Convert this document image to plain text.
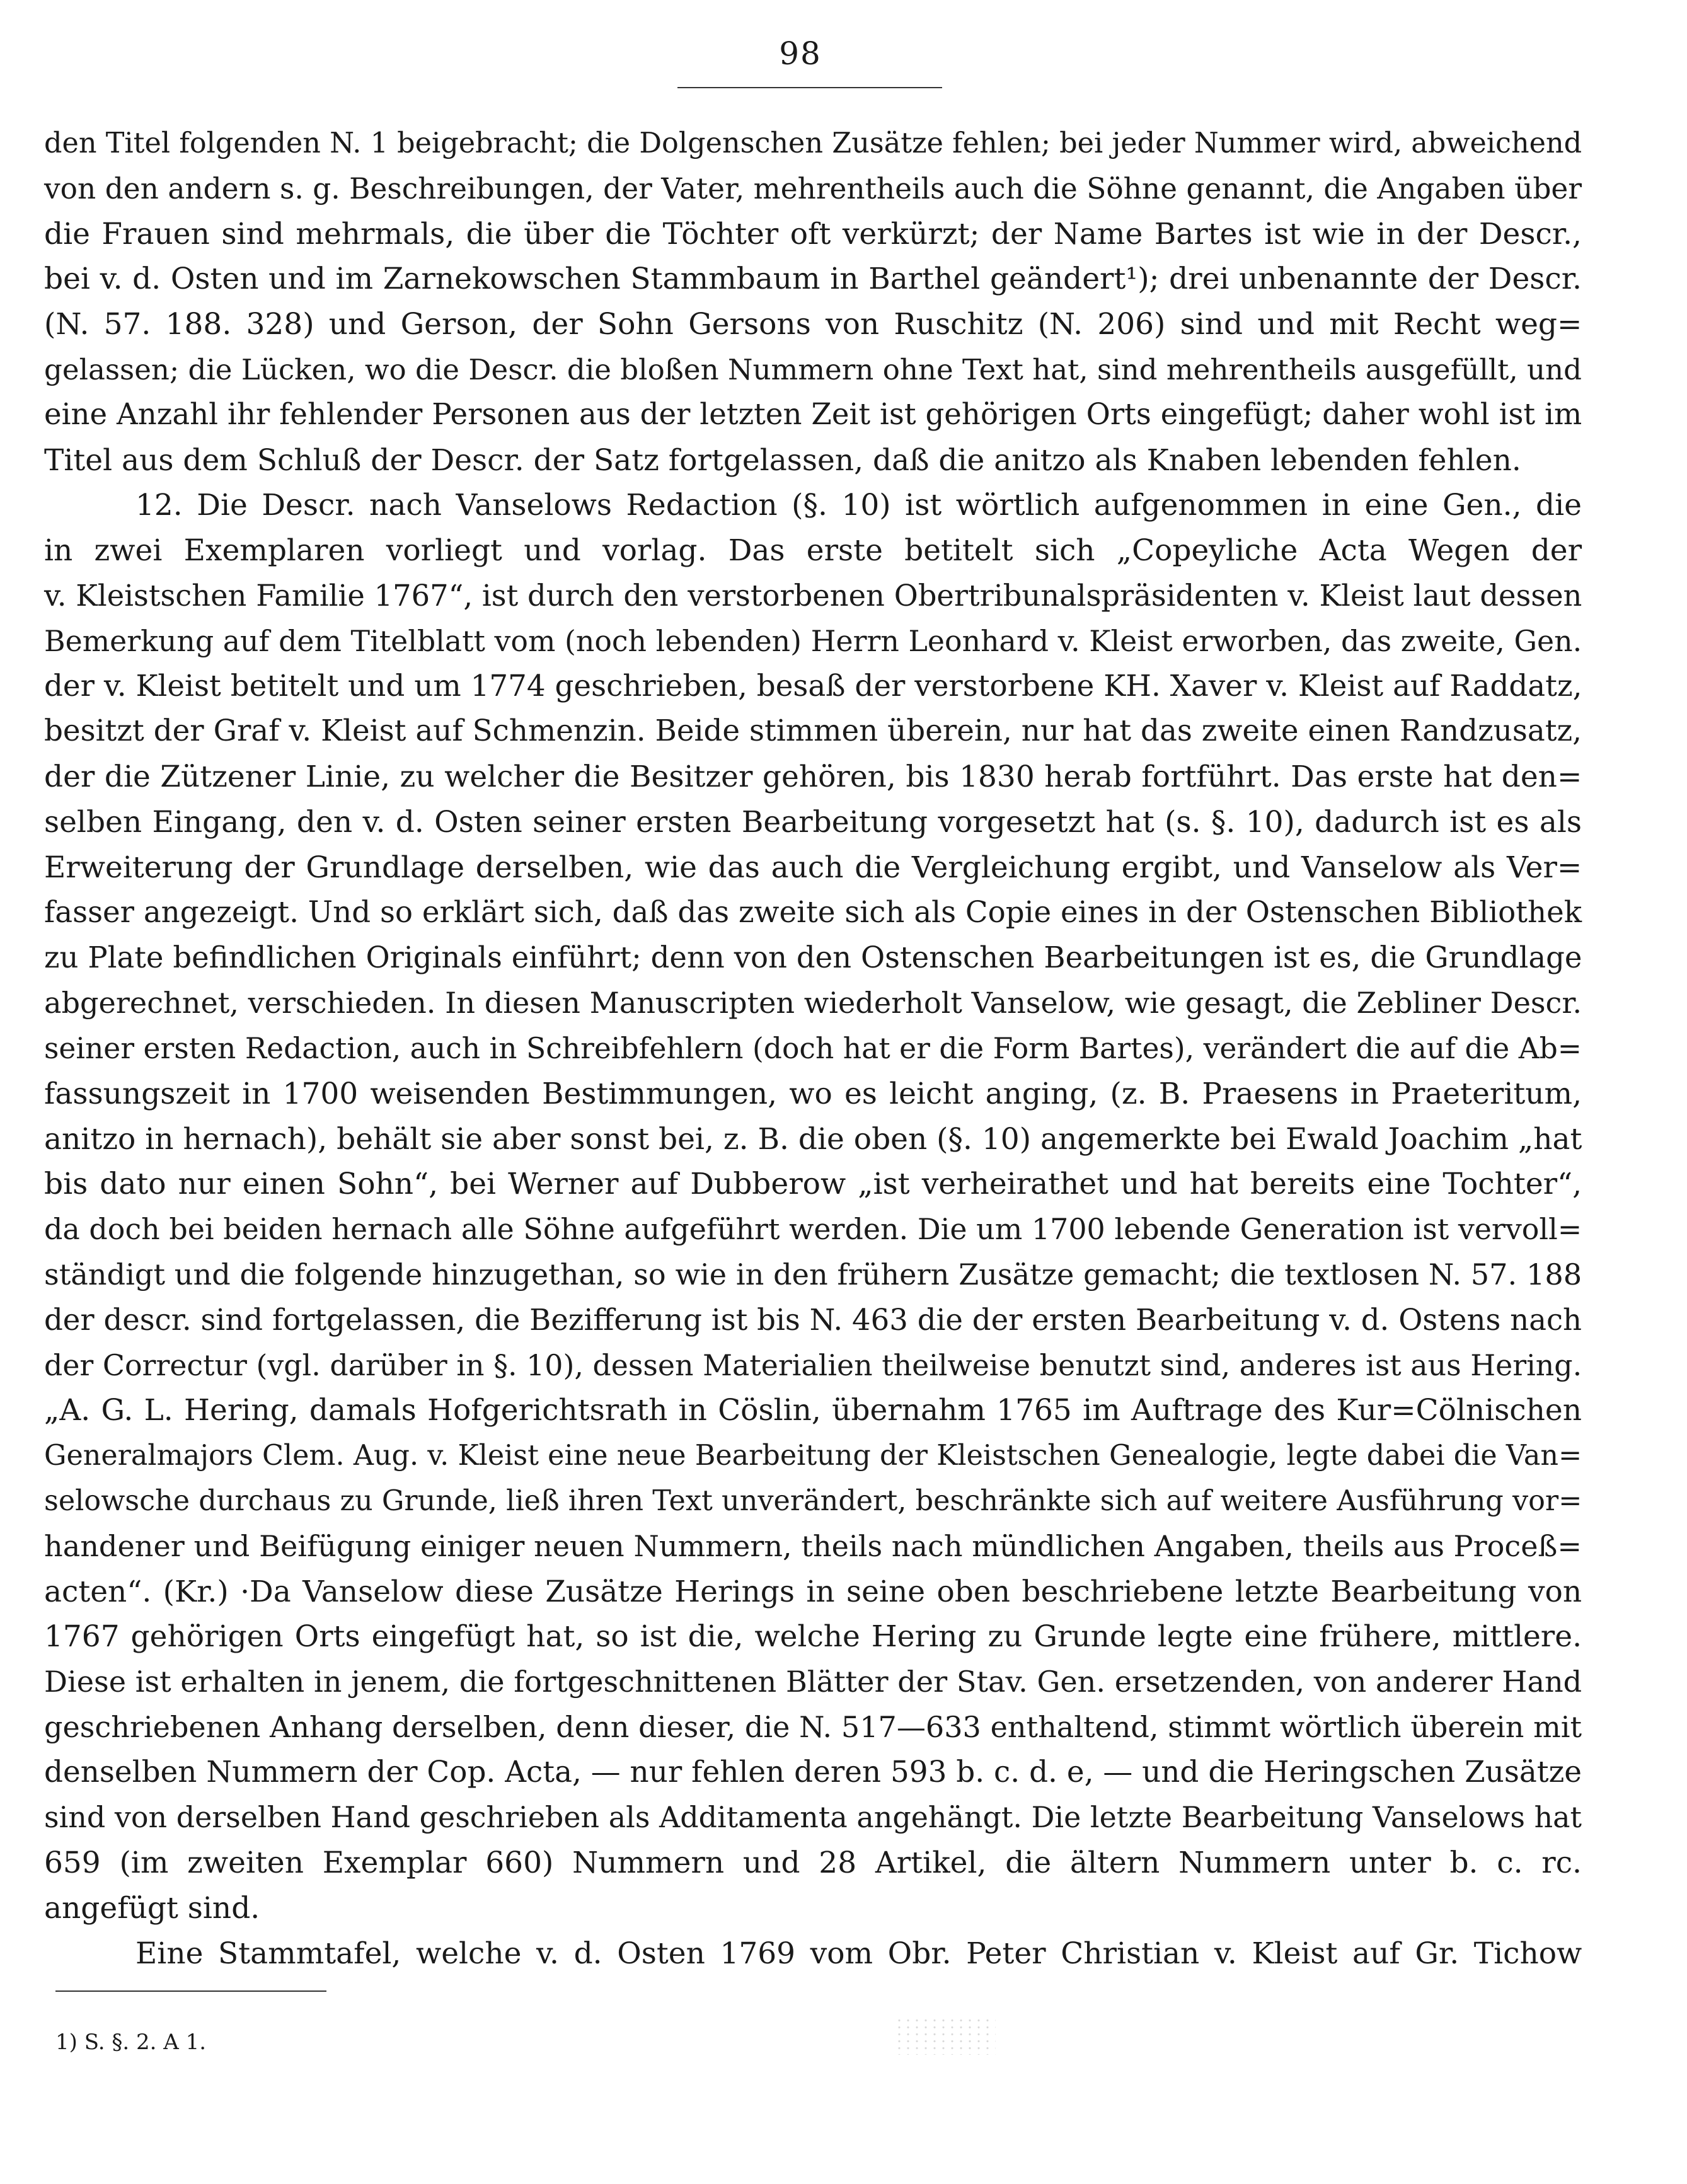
98
den Titel folgenden N. 1 beigebracht; die Dolgenschen Zusätze fehlen; bei jeder Nummer wird, abweichend
von den andern s. g. Beschreibungen, der Vater, mehrentheils auch die Söhne genannt, die Angaben über
die Frauen sind mehrmals, die über die Töchter oft verkürzt; der Name Bartes ist wie in der Descr.,
bei v. d. Osten und im Zarnekowschen Stammbaum in Barthel geändert¹); drei unbenannte der Descr.
(N. 57. 188. 328) und Gerson, der Sohn Gersons von Ruschitz (N. 206) sind und mit Recht weg=
gelassen; die Lücken, wo die Descr. die bloßen Nummern ohne Text hat, sind mehrentheils ausgefüllt, und
eine Anzahl ihr fehlender Personen aus der letzten Zeit ist gehörigen Orts eingefügt; daher wohl ist im
Titel aus dem Schluß der Descr. der Satz fortgelassen, daß die anitzo als Knaben lebenden fehlen.
12. Die Descr. nach Vanselows Redaction (§. 10) ist wörtlich aufgenommen in eine Gen., die
in zwei Exemplaren vorliegt und vorlag. Das erste betitelt sich „Copeyliche Acta Wegen der
v. Kleistschen Familie 1767“, ist durch den verstorbenen Obertribunalspräsidenten v. Kleist laut dessen
Bemerkung auf dem Titelblatt vom (noch lebenden) Herrn Leonhard v. Kleist erworben, das zweite, Gen.
der v. Kleist betitelt und um 1774 geschrieben, besaß der verstorbene KH. Xaver v. Kleist auf Raddatz,
besitzt der Graf v. Kleist auf Schmenzin. Beide stimmen überein, nur hat das zweite einen Randzusatz,
der die Zützener Linie, zu welcher die Besitzer gehören, bis 1830 herab fortführt. Das erste hat den=
selben Eingang, den v. d. Osten seiner ersten Bearbeitung vorgesetzt hat (s. §. 10), dadurch ist es als
Erweiterung der Grundlage derselben, wie das auch die Vergleichung ergibt, und Vanselow als Ver=
fasser angezeigt. Und so erklärt sich, daß das zweite sich als Copie eines in der Ostenschen Bibliothek
zu Plate befindlichen Originals einführt; denn von den Ostenschen Bearbeitungen ist es, die Grundlage
abgerechnet, verschieden. In diesen Manuscripten wiederholt Vanselow, wie gesagt, die Zebliner Descr.
seiner ersten Redaction, auch in Schreibfehlern (doch hat er die Form Bartes), verändert die auf die Ab=
fassungszeit in 1700 weisenden Bestimmungen, wo es leicht anging, (z. B. Praesens in Praeteritum,
anitzo in hernach), behält sie aber sonst bei, z. B. die oben (§. 10) angemerkte bei Ewald Joachim „hat
bis dato nur einen Sohn“, bei Werner auf Dubberow „ist verheirathet und hat bereits eine Tochter“,
da doch bei beiden hernach alle Söhne aufgeführt werden. Die um 1700 lebende Generation ist vervoll=
ständigt und die folgende hinzugethan, so wie in den frühern Zusätze gemacht; die textlosen N. 57. 188
der descr. sind fortgelassen, die Bezifferung ist bis N. 463 die der ersten Bearbeitung v. d. Ostens nach
der Correctur (vgl. darüber in §. 10), dessen Materialien theilweise benutzt sind, anderes ist aus Hering.
„A. G. L. Hering, damals Hofgerichtsrath in Cöslin, übernahm 1765 im Auftrage des Kur=Cölnischen
Generalmajors Clem. Aug. v. Kleist eine neue Bearbeitung der Kleistschen Genealogie, legte dabei die Van=
selowsche durchaus zu Grunde, ließ ihren Text unverändert, beschränkte sich auf weitere Ausführung vor=
handener und Beifügung einiger neuen Nummern, theils nach mündlichen Angaben, theils aus Proceß=
acten“. (Kr.) ·Da Vanselow diese Zusätze Herings in seine oben beschriebene letzte Bearbeitung von
1767 gehörigen Orts eingefügt hat, so ist die, welche Hering zu Grunde legte eine frühere, mittlere.
Diese ist erhalten in jenem, die fortgeschnittenen Blätter der Stav. Gen. ersetzenden, von anderer Hand
geschriebenen Anhang derselben, denn dieser, die N. 517—633 enthaltend, stimmt wörtlich überein mit
denselben Nummern der Cop. Acta, — nur fehlen deren 593 b. c. d. e, — und die Heringschen Zusätze
sind von derselben Hand geschrieben als Additamenta angehängt. Die letzte Bearbeitung Vanselows hat
659 (im zweiten Exemplar 660) Nummern und 28 Artikel, die ältern Nummern unter b. c. rc.
angefügt sind.
Eine Stammtafel, welche v. d. Osten 1769 vom Obr. Peter Christian v. Kleist auf Gr. Tichow
1) S. §. 2. A 1.
